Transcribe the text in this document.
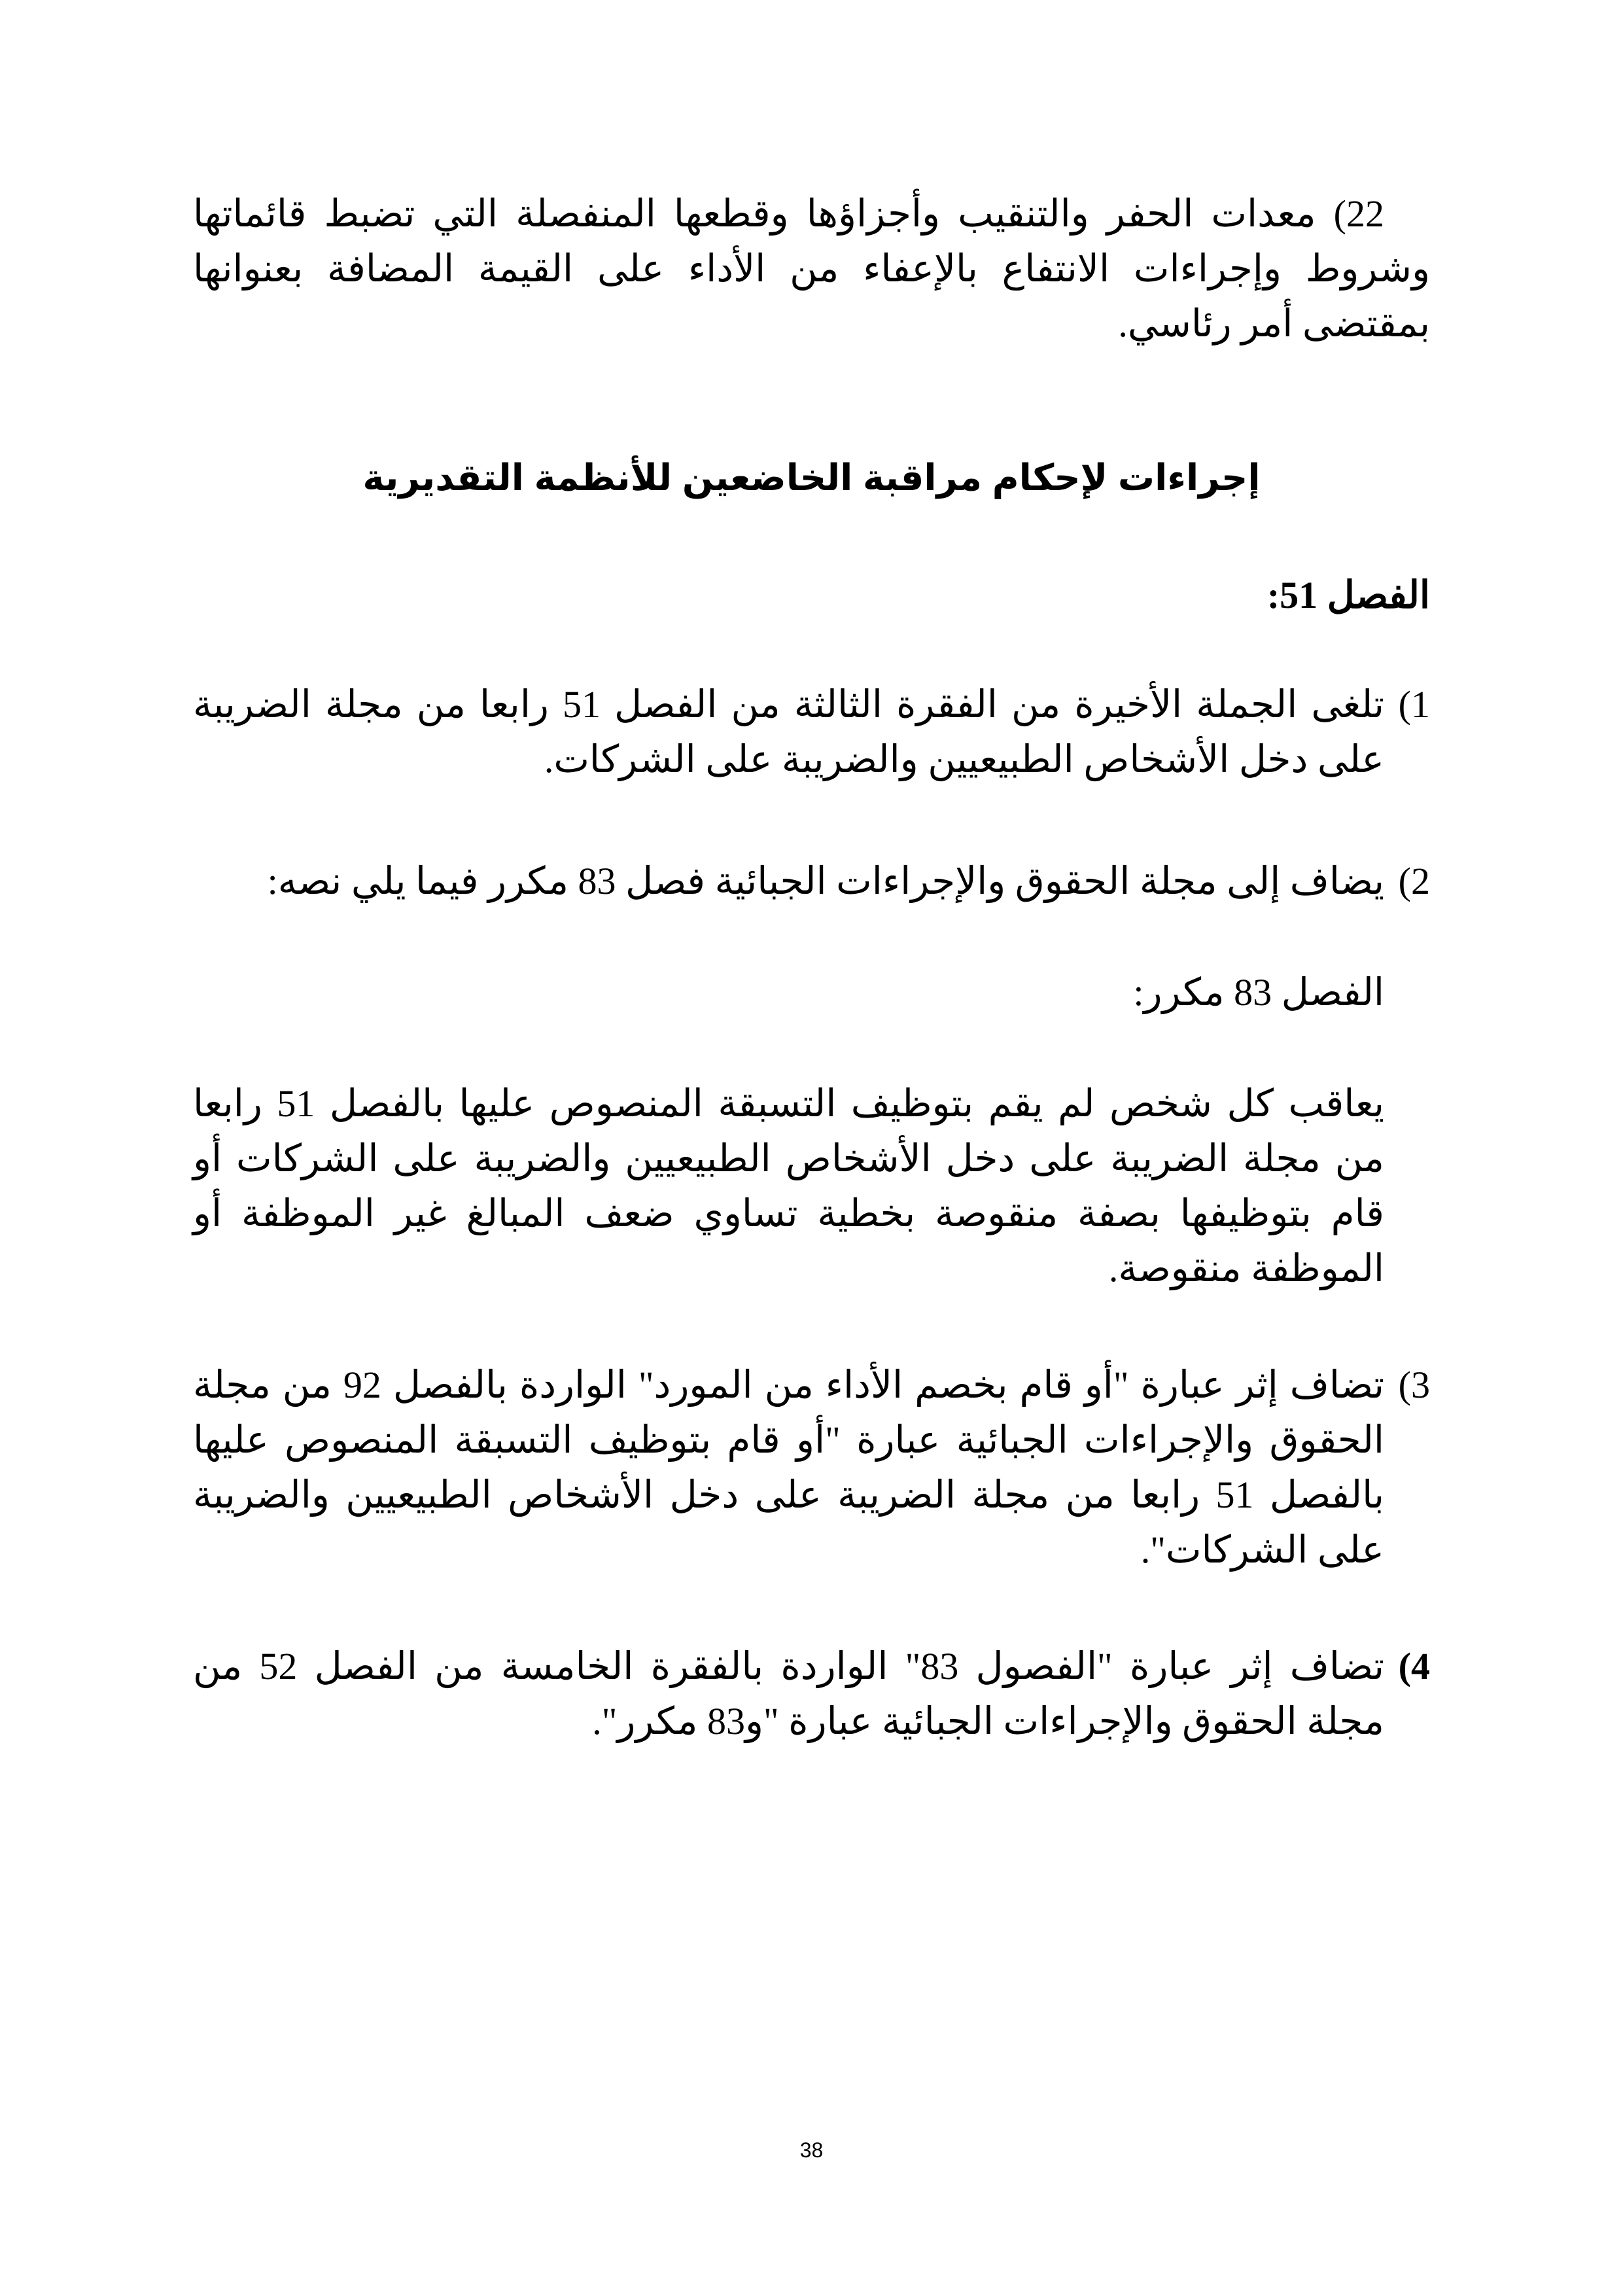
22) معدات الحفر والتنقيب وأجزاؤها وقطعها المنفصلة التي تضبط قائماتها وشروط وإجراءات الانتفاع بالإعفاء من الأداء على القيمة المضافة بعنوانها بمقتضى أمر رئاسي.

إجراءات لإحكام مراقبة الخاضعين للأنظمة التقديرية
الفصل 51:
1)
تلغى الجملة الأخيرة من الفقرة الثالثة من الفصل 51 رابعا من مجلة الضريبة على دخل الأشخاص الطبيعيين والضريبة على الشركات.
2)
يضاف إلى مجلة الحقوق والإجراءات الجبائية فصل 83 مكرر فيما يلي نصه:
الفصل 83 مكرر:
يعاقب كل شخص لم يقم بتوظيف التسبقة المنصوص عليها بالفصل 51 رابعا من مجلة الضريبة على دخل الأشخاص الطبيعيين والضريبة على الشركات أو قام بتوظيفها بصفة منقوصة بخطية تساوي ضعف المبالغ غير الموظفة أو الموظفة منقوصة.
3)
تضاف إثر عبارة "أو قام بخصم الأداء من المورد" الواردة بالفصل 92 من مجلة الحقوق والإجراءات الجبائية عبارة "أو قام بتوظيف التسبقة المنصوص عليها بالفصل 51 رابعا من مجلة الضريبة على دخل الأشخاص الطبيعيين والضريبة على الشركات".
4)
تضاف إثر عبارة "الفصول 83" الواردة بالفقرة الخامسة من الفصل 52 من مجلة الحقوق والإجراءات الجبائية عبارة "و83 مكرر".
38
